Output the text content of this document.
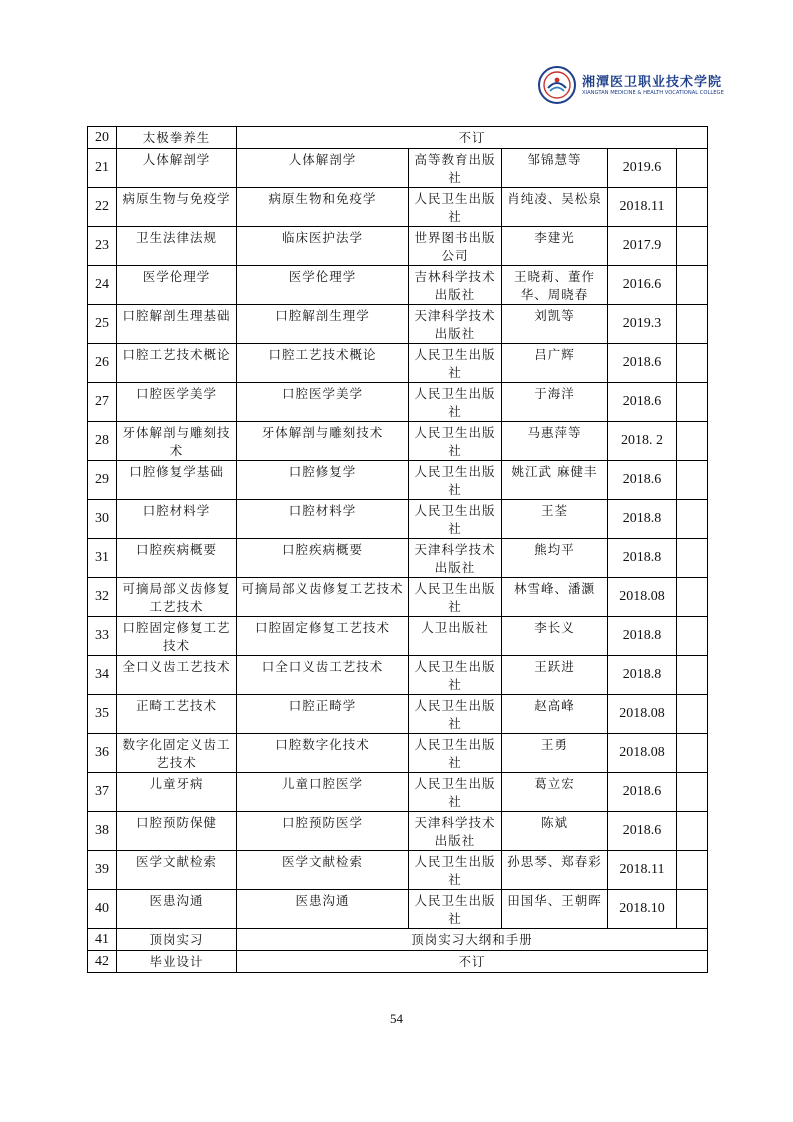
湘潭医卫职业技术学院
XIANGTAN MEDICINE & HEALTH VOCATIONAL COLLEGE
20	太极拳养生	不订				
21	人体解剖学	人体解剖学	高等教育出版社	邹锦慧等	2019.6	
22	病原生物与免疫学	病原生物和免疫学	人民卫生出版社	肖纯凌、吴松泉	2018.11	
23	卫生法律法规	临床医护法学	世界图书出版公司	李建光	2017.9	
24	医学伦理学	医学伦理学	吉林科学技术出版社	王晓莉、董作华、周晓春	2016.6	
25	口腔解剖生理基础	口腔解剖生理学	天津科学技术出版社	刘凯等	2019.3	
26	口腔工艺技术概论	口腔工艺技术概论	人民卫生出版社	吕广辉	2018.6	
27	口腔医学美学	口腔医学美学	人民卫生出版社	于海洋	2018.6	
28	牙体解剖与雕刻技术	牙体解剖与雕刻技术	人民卫生出版社	马惠萍等	2018. 2	
29	口腔修复学基础	口腔修复学	人民卫生出版社	姚江武 麻健丰	2018.6	
30	口腔材料学	口腔材料学	人民卫生出版社	王荃	2018.8	
31	口腔疾病概要	口腔疾病概要	天津科学技术出版社	熊均平	2018.8	
32	可摘局部义齿修复工艺技术	可摘局部义齿修复工艺技术	人民卫生出版社	林雪峰、潘灏	2018.08	
33	口腔固定修复工艺技术	口腔固定修复工艺技术	人卫出版社	李长义	2018.8	
34	全口义齿工艺技术	口全口义齿工艺技术	人民卫生出版社	王跃进	2018.8	
35	正畸工艺技术	口腔正畸学	人民卫生出版社	赵高峰	2018.08	
36	数字化固定义齿工艺技术	口腔数字化技术	人民卫生出版社	王勇	2018.08	
37	儿童牙病	儿童口腔医学	人民卫生出版社	葛立宏	2018.6	
38	口腔预防保健	口腔预防医学	天津科学技术出版社	陈斌	2018.6	
39	医学文献检索	医学文献检索	人民卫生出版社	孙思琴、郑春彩	2018.11	
40	医患沟通	医患沟通	人民卫生出版社	田国华、王朝晖	2018.10	
41	顶岗实习	顶岗实习大纲和手册				
42	毕业设计	不订				
54
